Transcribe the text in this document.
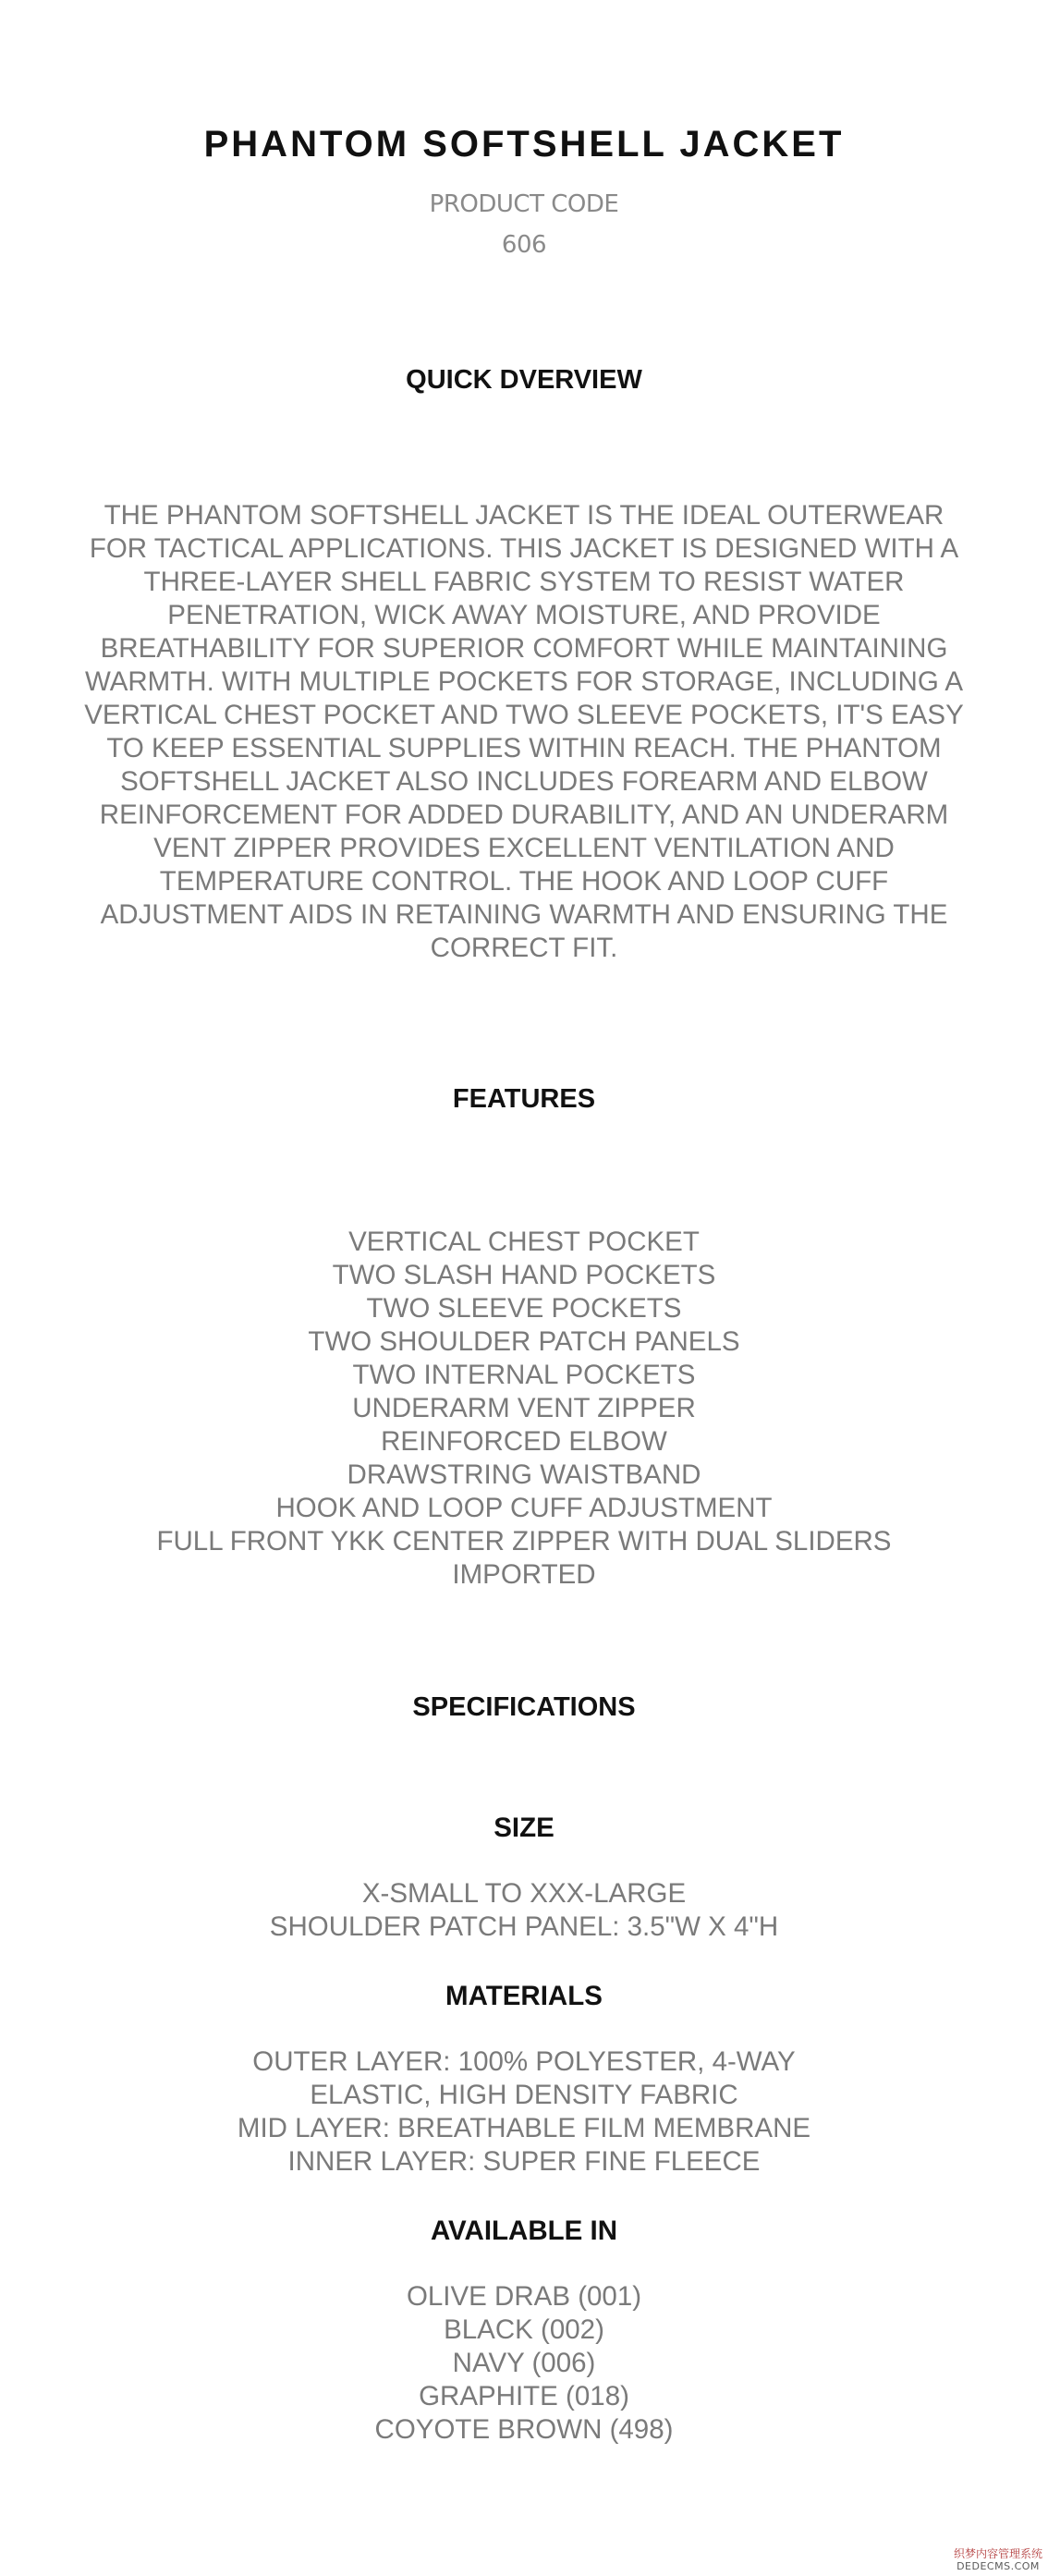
PHANTOM SOFTSHELL JACKET
PRODUCT CODE
606
QUICK DVERVIEW

THE PHANTOM SOFTSHELL JACKET IS THE IDEAL OUTERWEAR FOR TACTICAL APPLICATIONS. THIS JACKET IS DESIGNED WITH A THREE-LAYER SHELL FABRIC SYSTEM TO RESIST WATER PENETRATION, WICK AWAY MOISTURE, AND PROVIDE BREATHABILITY FOR SUPERIOR COMFORT WHILE MAINTAINING WARMTH. WITH MULTIPLE POCKETS FOR STORAGE, INCLUDING A VERTICAL CHEST POCKET AND TWO SLEEVE POCKETS, IT'S EASY TO KEEP ESSENTIAL SUPPLIES WITHIN REACH. THE PHANTOM SOFTSHELL JACKET ALSO INCLUDES FOREARM AND ELBOW REINFORCEMENT FOR ADDED DURABILITY, AND AN UNDERARM VENT ZIPPER PROVIDES EXCELLENT VENTILATION AND TEMPERATURE CONTROL. THE HOOK AND LOOP CUFF ADJUSTMENT AIDS IN RETAINING WARMTH AND ENSURING THE CORRECT FIT.

FEATURES
VERTICAL CHEST POCKET
TWO SLASH HAND POCKETS
TWO SLEEVE POCKETS
TWO SHOULDER PATCH PANELS
TWO INTERNAL POCKETS
UNDERARM VENT ZIPPER
REINFORCED ELBOW
DRAWSTRING WAISTBAND
HOOK AND LOOP CUFF ADJUSTMENT
FULL FRONT YKK CENTER ZIPPER WITH DUAL SLIDERS
IMPORTED
SPECIFICATIONS
SIZE
X-SMALL TO XXX-LARGE
SHOULDER PATCH PANEL: 3.5"W X 4"H
MATERIALS
OUTER LAYER: 100% POLYESTER, 4-WAY
ELASTIC, HIGH DENSITY FABRIC
MID LAYER: BREATHABLE FILM MEMBRANE
INNER LAYER: SUPER FINE FLEECE
AVAILABLE IN
OLIVE DRAB (001)
BLACK (002)
NAVY (006)
GRAPHITE (018)
COYOTE BROWN (498)
织梦内容管理系统
DEDECMS.COM
